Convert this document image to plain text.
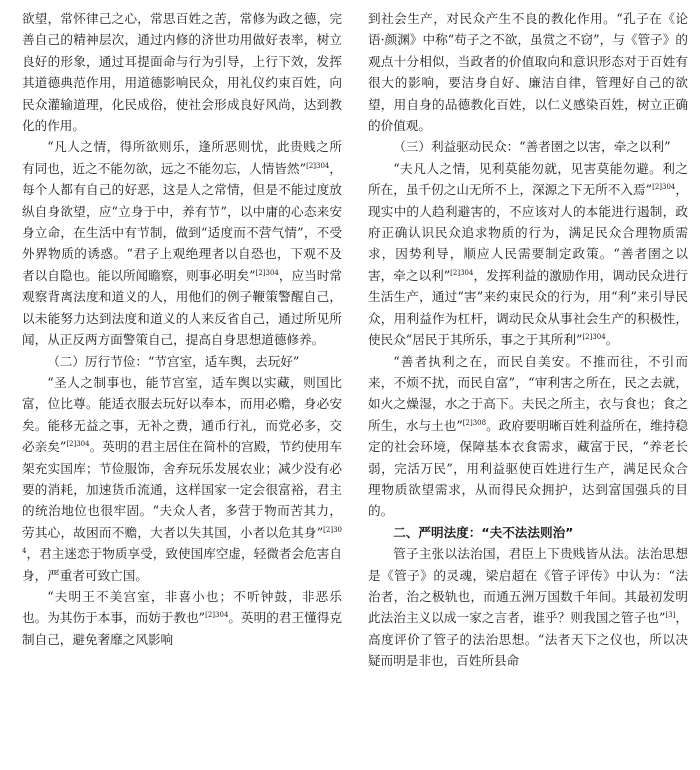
欲望，常怀律己之心，常思百姓之苦，常修为政之德，完善自己的精神层次，通过内修的济世功用做好表率，树立良好的形象，通过耳提面命与行为引导，上行下效，发挥其道德典范作用，用道德影响民众，用礼仪约束百姓，向民众灌输道理，化民成俗，使社会形成良好风尚，达到教化的作用。

“凡人之情，得所欲则乐，逢所恶则忧，此贵贱之所有同也，近之不能勿欲，远之不能勿忘，人情皆然”$^{[2]304}$，每个人都有自己的好恶，这是人之常情，但是不能过度放纵自身欲望，应“立身于中，养有节”，以中庸的心态来安身立命，在生活中有节制，做到“适度而不营气情”，不受外界物质的诱惑。“君子上观绝理者以自恐也，下观不及者以自隐也。能以所闻瞻察，则事必明矣”$^{[2]304}$，应当时常观察背离法度和道义的人，用他们的例子鞭策警醒自己，以未能努力达到法度和道义的人来反省自己，通过所见所闻，从正反两方面警策自己，提高自身思想道德修养。

（二）厉行节俭：“节宫室，适车舆，去玩好”

“圣人之制事也，能节宫室，适车舆以实藏，则国比富，位比尊。能适衣服去玩好以奉本，而用必赡，身必安矣。能移无益之事，无补之费，通币行礼，而党必多，交必亲矣”$^{[2]304}$。英明的君主居住在简朴的宫殿，节约使用车架充实国库；节俭服饰，舍弃玩乐发展农业；减少没有必要的消耗，加速货币流通，这样国家一定会很富裕，君主的统治地位也很牢固。“夫众人者，多营于物而苦其力，劳其心，故困而不赡，大者以失其国，小者以危其身”$^{[2]304}$，君主迷恋于物质享受，致使国库空虚，轻微者会危害自身，严重者可致亡国。

“夫明王不美宫室，非喜小也；不听钟鼓，非恶乐也。为其伤于本事，而妨于教也”$^{[2]304}$。英明的君王懂得克制自己，避免奢靡之风影响

到社会生产，对民众产生不良的教化作用。“孔子在《论语·颜渊》中称“苟子之不欲，虽赏之不窃”，与《管子》的观点十分相似，当政者的价值取向和意识形态对于百姓有很大的影响，要洁身自好、廉洁自律，管理好自己的欲望，用自身的品德教化百姓，以仁义感染百姓，树立正确的价值观。

（三）利益驱动民众：“善者圉之以害，牵之以利”

“夫凡人之情，见利莫能勿就，见害莫能勿避。利之所在，虽千仞之山无所不上，深源之下无所不入焉”$^{[2]304}$，现实中的人趋利避害的，不应该对人的本能进行遏制，政府正确认识民众追求物质的行为，满足民众合理物质需求，因势利导，顺应人民需要制定政策。“善者圉之以害，牵之以利”$^{[2]304}$，发挥利益的激励作用，调动民众进行生活生产，通过“害”来约束民众的行为，用“利”来引导民众，用利益作为杠杆，调动民众从事社会生产的积极性，使民众“居民于其所乐，事之于其所利”$^{[2]304}$。

“善者执利之在，而民自美安。不推而往，不引而来，不烦不扰，而民自富”，“审利害之所在，民之去就，如火之燥湿，水之于高下。夫民之所主，衣与食也；食之所生，水与土也”$^{[2]308}$。政府要明晰百姓利益所在，维持稳定的社会环境，保障基本衣食需求，藏富于民，“养老长弱，完活万民”，用利益驱使百姓进行生产，满足民众合理物质欲望需求，从而得民众拥护，达到富国强兵的目的。

二、严明法度：“夫不法法则治”

管子主张以法治国，君臣上下贵贱皆从法。法治思想是《管子》的灵魂，梁启超在《管子评传》中认为：“法治者，治之极轨也，而通五洲万国数千年间。其最初发明此法治主义以成一家之言者，谁乎？则我国之管子也”[3]，高度评价了管子的法治思想。“法者天下之仪也，所以决疑而明是非也，百姓所县命
